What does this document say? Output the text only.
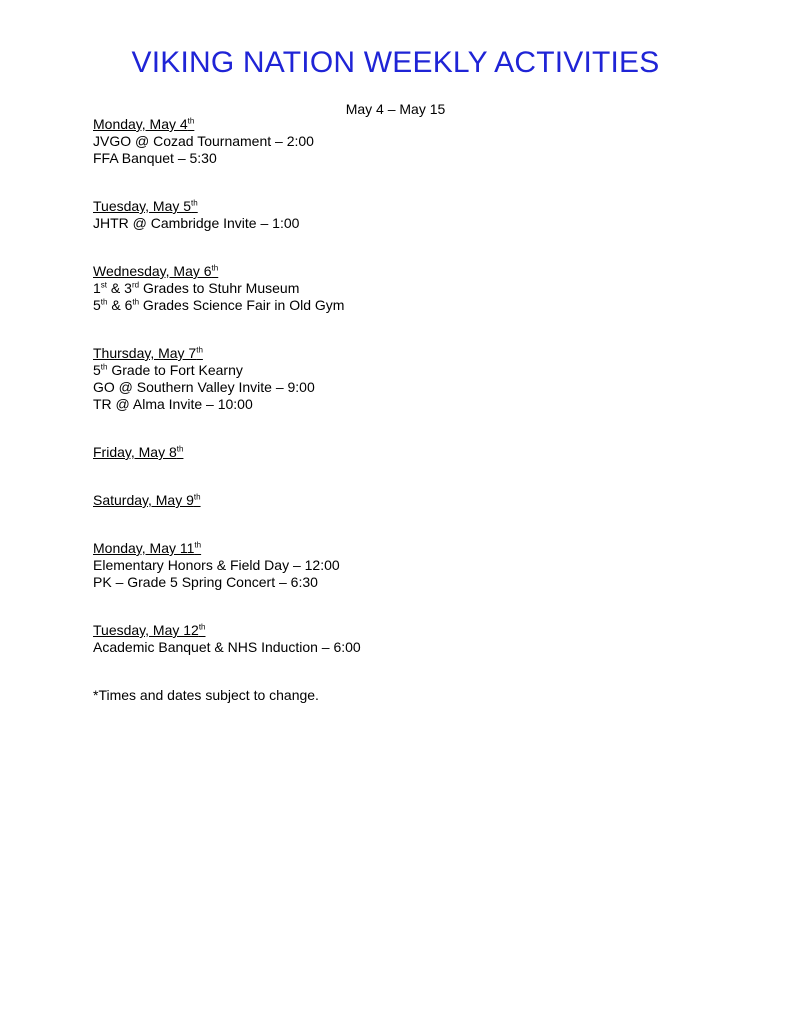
VIKING NATION WEEKLY ACTIVITIES
May 4 – May 15
Monday, May 4th
JVGO @ Cozad Tournament – 2:00
FFA Banquet – 5:30
Tuesday, May 5th
JHTR @ Cambridge Invite – 1:00
Wednesday, May 6th
1st & 3rd Grades to Stuhr Museum
5th & 6th Grades Science Fair in Old Gym
Thursday, May 7th
5th Grade to Fort Kearny
GO @ Southern Valley Invite – 9:00
TR @ Alma Invite – 10:00
Friday, May 8th
Saturday, May 9th
Monday, May 11th
Elementary Honors & Field Day – 12:00
PK – Grade 5 Spring Concert – 6:30
Tuesday, May 12th
Academic Banquet & NHS Induction – 6:00
*Times and dates subject to change.
